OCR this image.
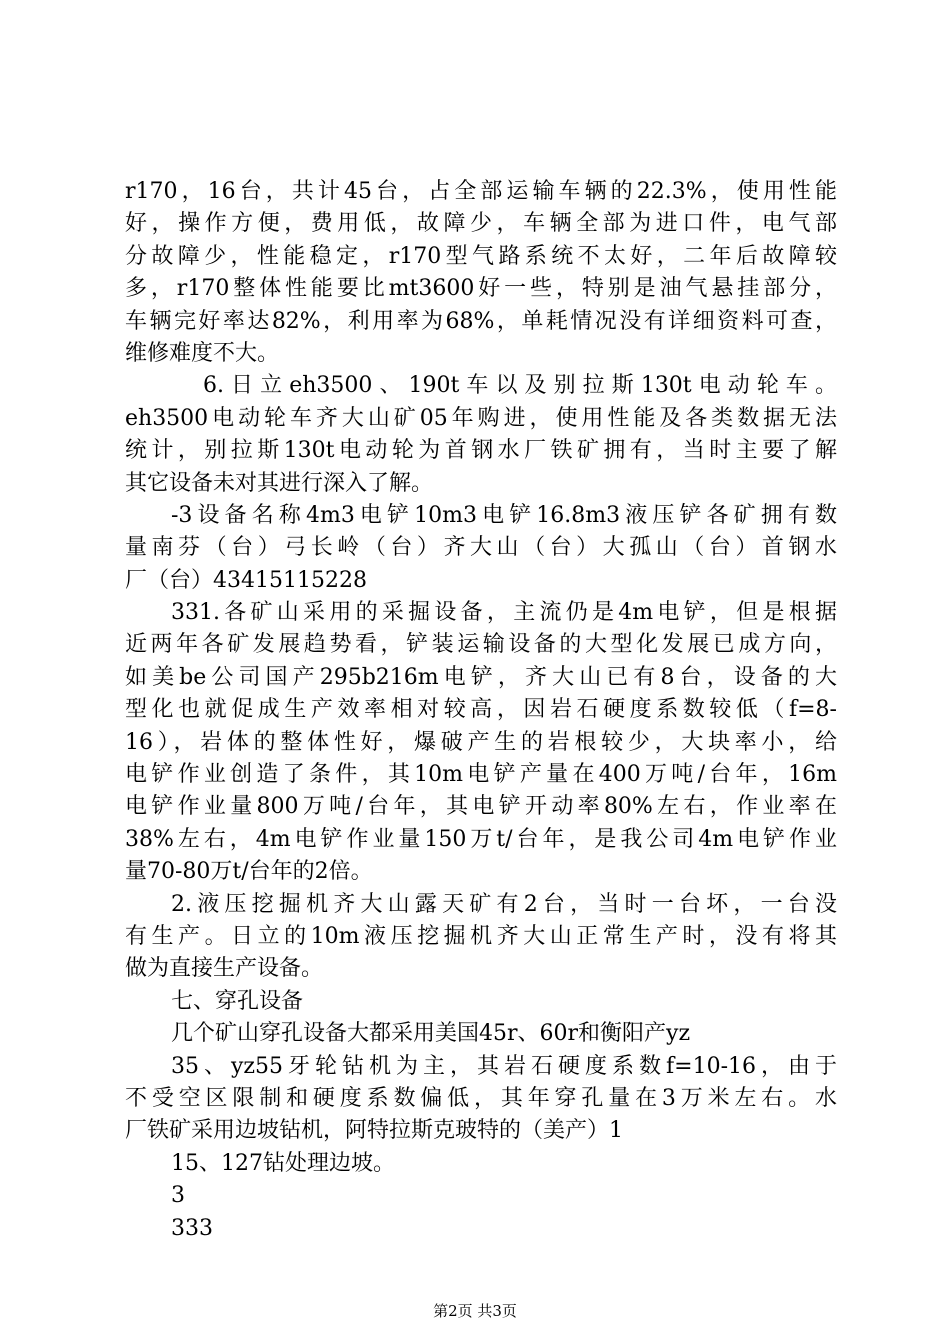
r170，16台，共计45台，占全部运输车辆的22.3%，使用性能
好，操作方便，费用低，故障少，车辆全部为进口件，电气部
分故障少，性能稳定，r170型气路系统不太好，二年后故障较
多，r170整体性能要比mt3600好一些，特别是油气悬挂部分，
车辆完好率达82%，利用率为68%，单耗情况没有详细资料可查，
维修难度不大。
6.日立eh3500、190t车以及别拉斯130t电动轮车。
eh3500电动轮车齐大山矿05年购进，使用性能及各类数据无法
统计，别拉斯130t电动轮为首钢水厂铁矿拥有，当时主要了解
其它设备未对其进行深入了解。
-3设备名称4m3电铲10m3电铲16.8m3液压铲各矿拥有数
量南芬（台）弓长岭（台）齐大山（台）大孤山（台）首钢水
厂（台）43415115228
331.各矿山采用的采掘设备，主流仍是4m电铲，但是根据
近两年各矿发展趋势看，铲装运输设备的大型化发展已成方向，
如美be公司国产295b216m电铲，齐大山已有8台，设备的大
型化也就促成生产效率相对较高，因岩石硬度系数较低（f=8-
16），岩体的整体性好，爆破产生的岩根较少，大块率小，给
电铲作业创造了条件，其10m电铲产量在400万吨/台年，16m
电铲作业量800万吨/台年，其电铲开动率80%左右，作业率在
38%左右，4m电铲作业量150万t/台年，是我公司4m电铲作业
量70-80万t/台年的2倍。
2.液压挖掘机齐大山露天矿有2台，当时一台坏，一台没
有生产。日立的10m液压挖掘机齐大山正常生产时，没有将其
做为直接生产设备。
七、穿孔设备
几个矿山穿孔设备大都采用美国45r、60r和衡阳产yz
35、yz55牙轮钻机为主，其岩石硬度系数f=10-16，由于
不受空区限制和硬度系数偏低，其年穿孔量在3万米左右。水
厂铁矿采用边坡钻机，阿特拉斯克玻特的（美产）1
15、127钻处理边坡。
3
333
第2页 共3页
